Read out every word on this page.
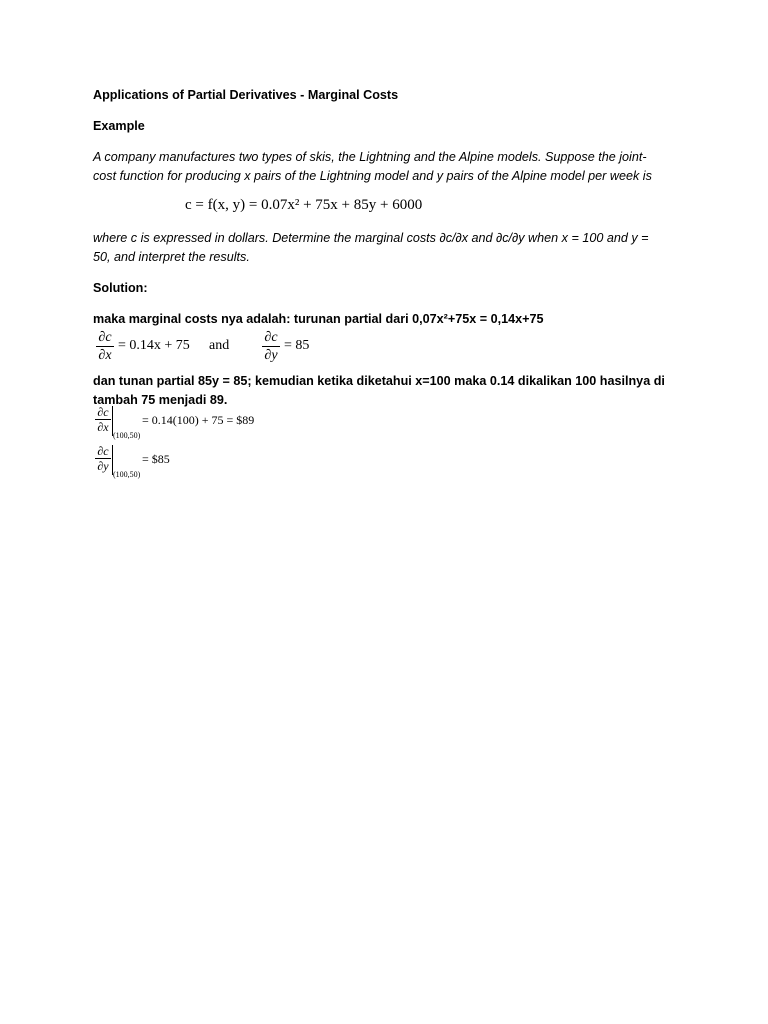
Applications of Partial Derivatives - Marginal Costs
Example
A company manufactures two types of skis, the Lightning and the Alpine models. Suppose the joint-
cost function for producing x pairs of the Lightning model and y pairs of the Alpine model per week is
c = f(x, y) = 0.07x² + 75x + 85y + 6000
where c is expressed in dollars. Determine the marginal costs ∂c/∂x and ∂c/∂y when x = 100 and y =
50, and interpret the results.
Solution:
maka marginal costs nya adalah: turunan partial dari 0,07x²+75x = 0,14x+75
∂c
∂x
= 0.14x + 75 and
∂c
∂y
= 85
dan tunan partial 85y = 85; kemudian ketika diketahui x=100 maka 0.14 dikalikan 100 hasilnya di
tambah 75 menjadi 89.
∂c
∂x
(100,50)
= 0.14(100) + 75 = $89
∂c
∂y
(100,50)
= $85
